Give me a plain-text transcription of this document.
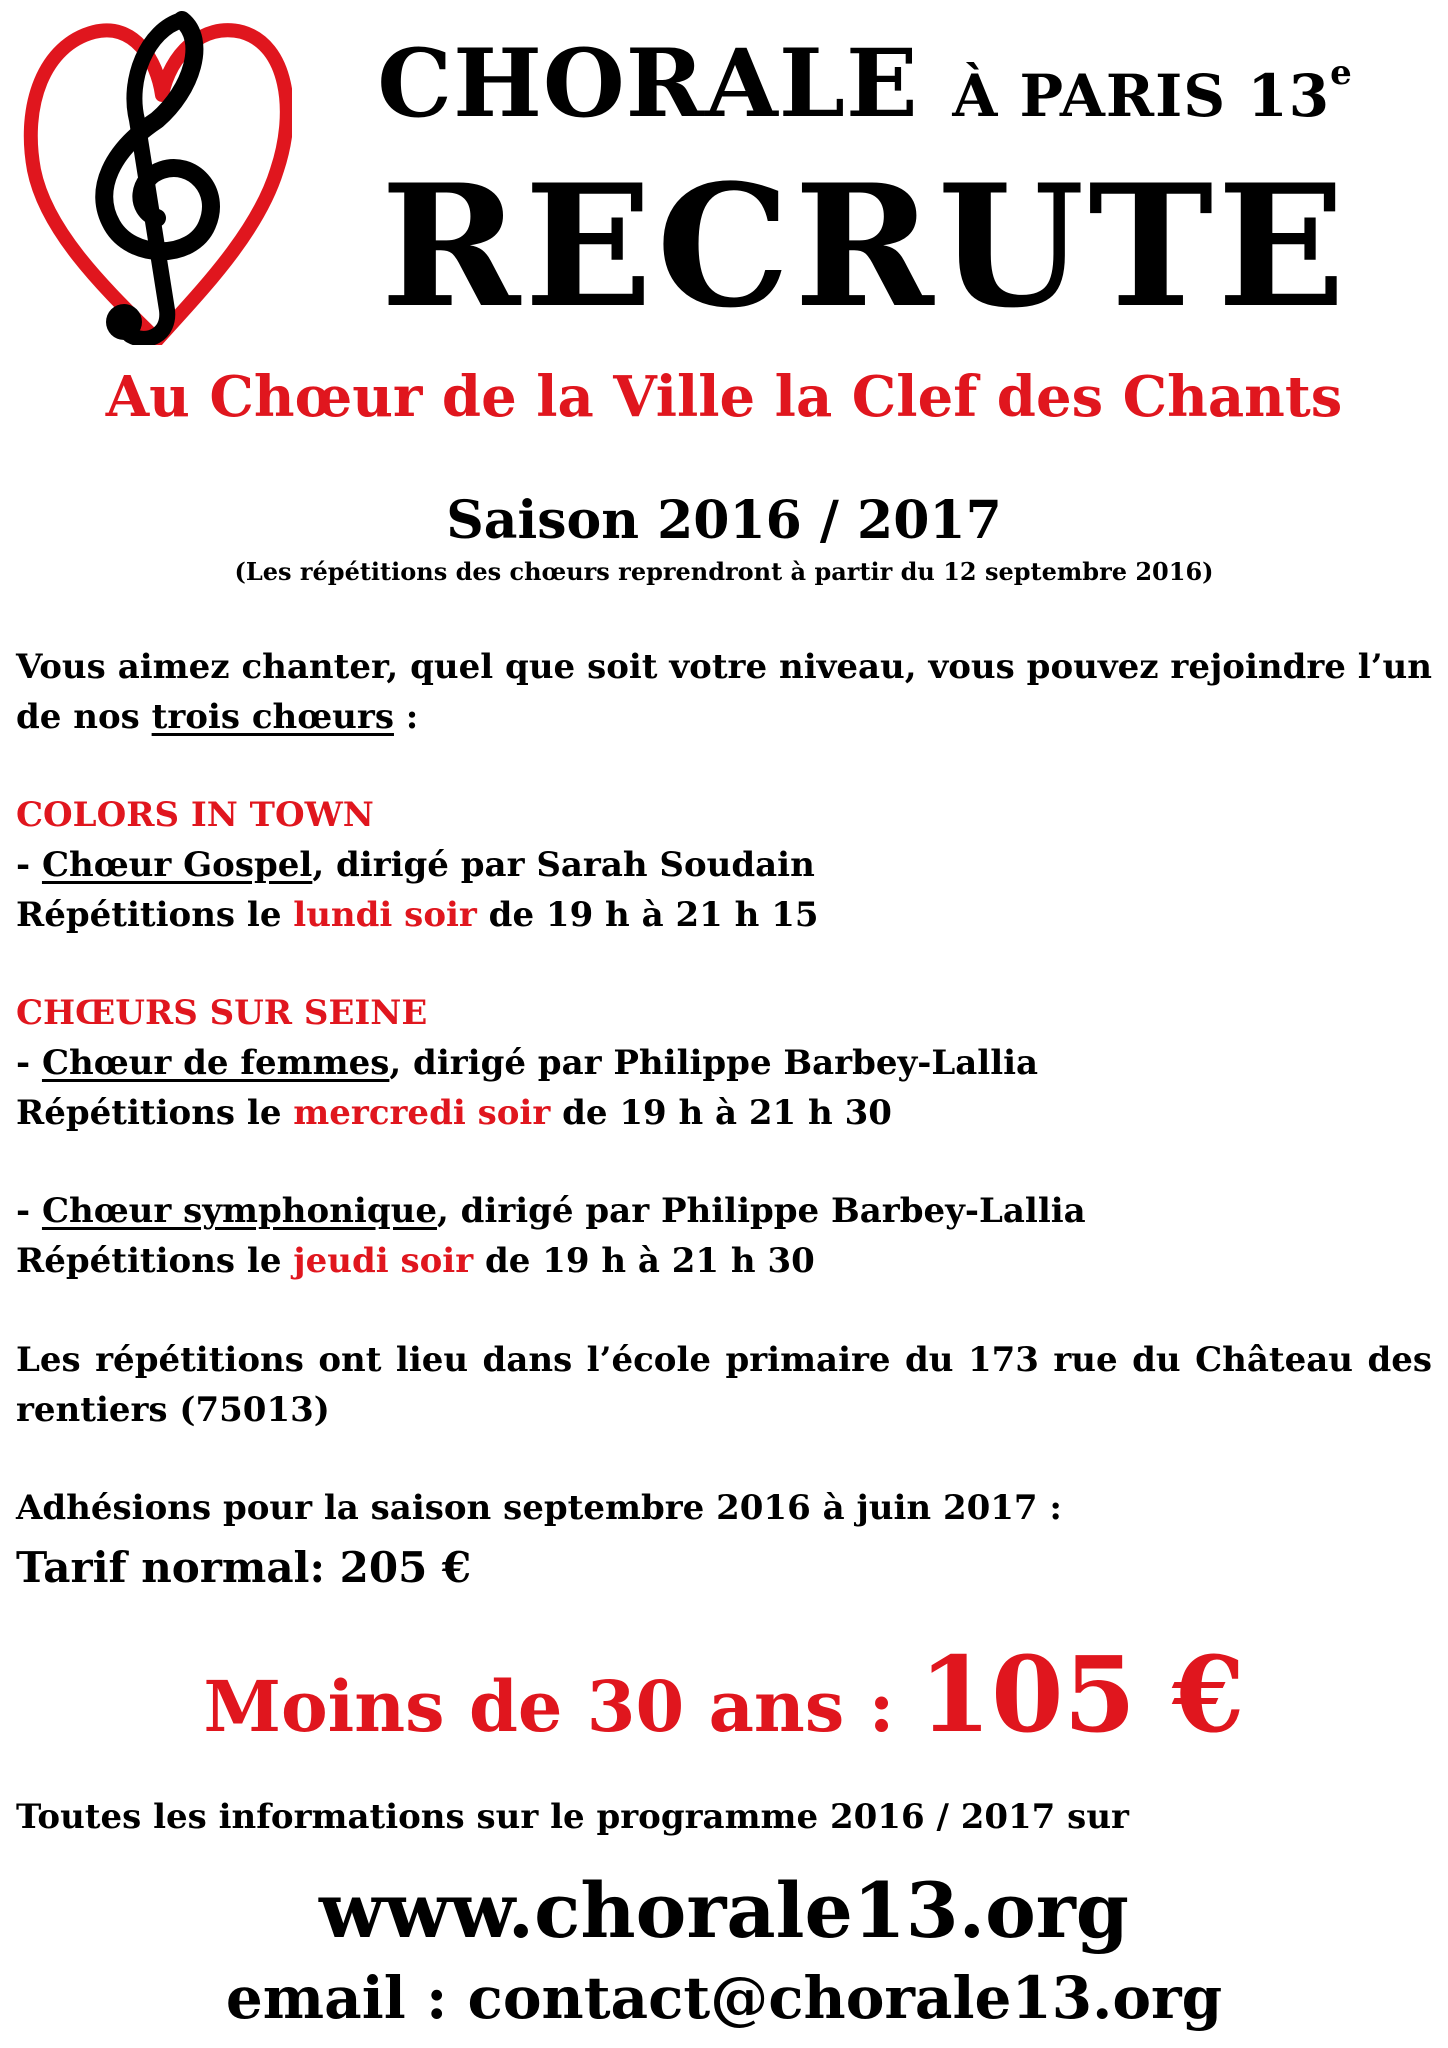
CHORALE À PARIS 13e
RECRUTE
Au Chœur de la Ville la Clef des Chants
Saison 2016 / 2017
(Les répétitions des chœurs reprendront à partir du 12 septembre 2016)
Vous aimez chanter, quel que soit votre niveau, vous pouvez rejoindre l’un de nos trois chœurs :
COLORS IN TOWN
- Chœur Gospel, dirigé par Sarah Soudain
Répétitions le lundi soir de 19 h à 21 h 15
CHŒURS SUR SEINE
- Chœur de femmes, dirigé par Philippe Barbey-Lallia
Répétitions le mercredi soir de 19 h à 21 h 30
- Chœur symphonique, dirigé par Philippe Barbey-Lallia
Répétitions le jeudi soir de 19 h à 21 h 30
Les répétitions ont lieu dans l’école primaire du 173 rue du Château des rentiers (75013)
Adhésions pour la saison septembre 2016 à juin 2017 :
Tarif normal: 205 €
Moins de 30 ans : 105 €
Toutes les informations sur le programme 2016 / 2017 sur
www.chorale13.org
email : contact@chorale13.org
